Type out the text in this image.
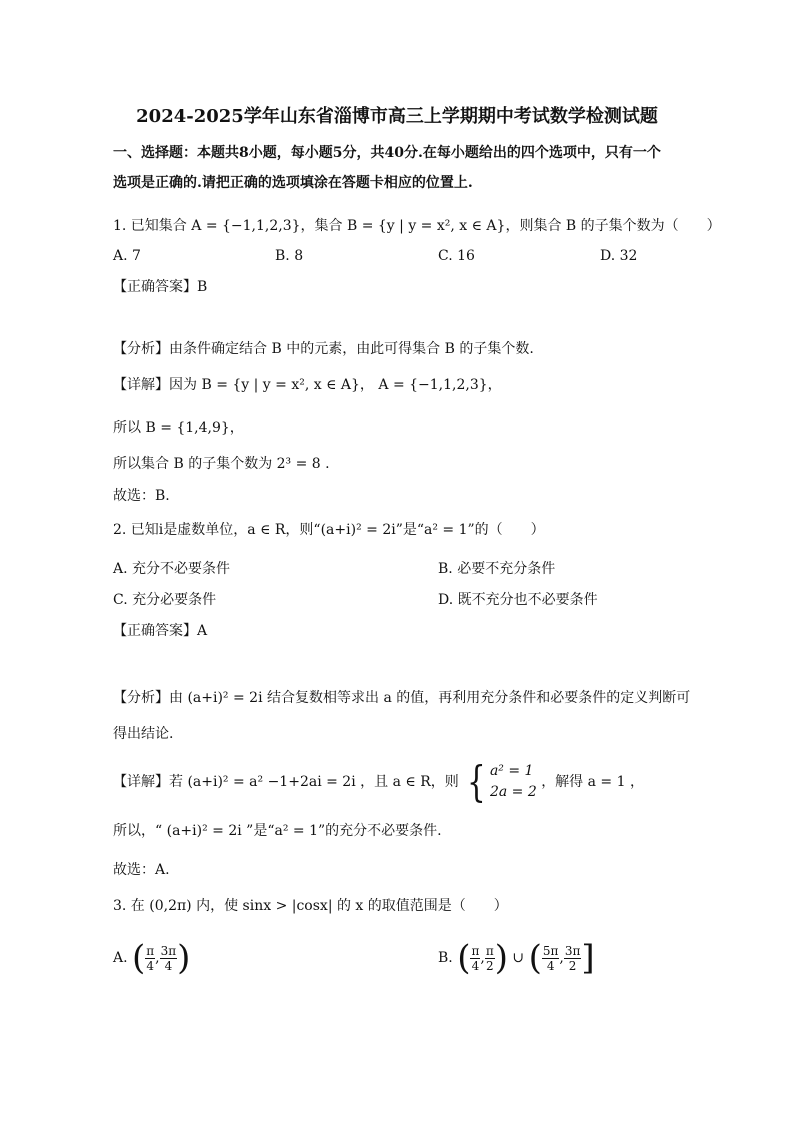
2024-2025学年山东省淄博市高三上学期期中考试数学检测试题
一、选择题：本题共8小题，每小题5分，共40分.在每小题给出的四个选项中，只有一个
选项是正确的.请把正确的选项填涂在答题卡相应的位置上.
1. 已知集合 A = {−1,1,2,3}，集合 B = {y | y = x², x ∈ A}，则集合 B 的子集个数为（　　）
A. 7	B. 8	C. 16	D. 32
【正确答案】B
【分析】由条件确定结合 B 中的元素，由此可得集合 B 的子集个数.
【详解】因为 B = {y | y = x², x ∈ A}， A = {−1,1,2,3}，
所以 B = {1,4,9}，
所以集合 B 的子集个数为 2³ = 8 .
故选：B.
2. 已知i是虚数单位，a ∈ R，则“(a+i)² = 2i”是“a² = 1”的（　　）
A. 充分不必要条件	B. 必要不充分条件
C. 充分必要条件	D. 既不充分也不必要条件
【正确答案】A
【分析】由 (a+i)² = 2i 结合复数相等求出 a 的值，再利用充分条件和必要条件的定义判断可
得出结论.
【详解】若 (a+i)² = a² −1+2ai = 2i ，且 a ∈ R，则 { a² = 1
2a = 2
，解得 a = 1 ，
所以，“ (a+i)² = 2i ”是“a² = 1”的充分不必要条件.
故选：A.
3. 在 (0,2π) 内，使 sinx > |cosx| 的 x 的取值范围是（　　）
A. ( $\frac{\pi}{4}$ , $\frac{3\pi}{4}$ )	B. ( $\frac{\pi}{4}$ , $\frac{\pi}{2}$ ) ∪ ( $\frac{5\pi}{4}$ , $\frac{3\pi}{2}$ ]
